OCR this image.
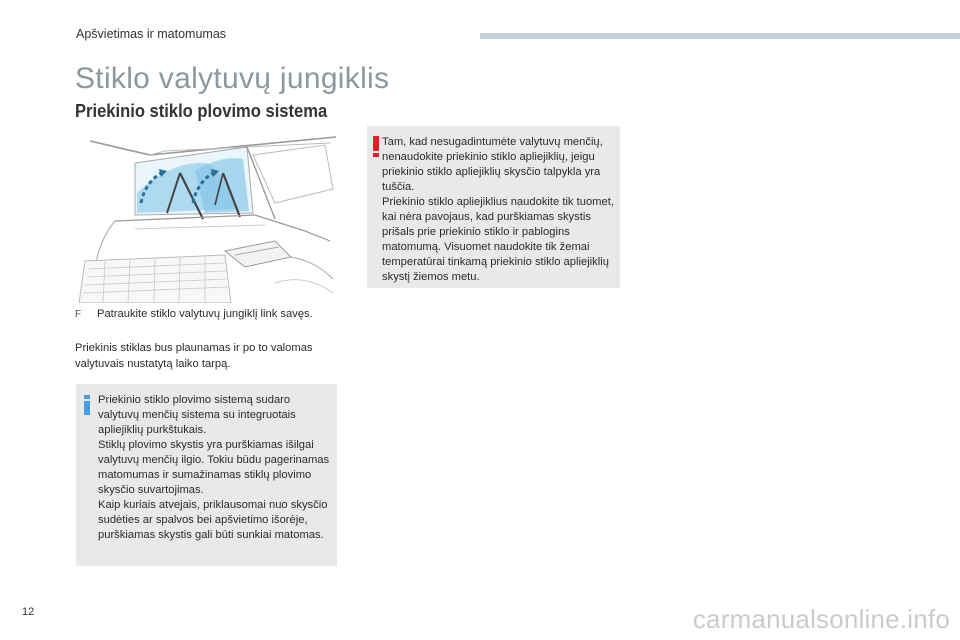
Apšvietimas ir matomumas
Stiklo valytuvų jungiklis
Priekinio stiklo plovimo sistema
F	Patraukite stiklo valytuvų jungiklį link savęs.
Priekinis stiklas bus plaunamas ir po to valomas valytuvais nustatytą laiko tarpą.
Priekinio stiklo plovimo sistemą sudaro valytuvų menčių sistema su integruotais apliejiklių purkštukais.
Stiklų plovimo skystis yra purškiamas išilgai valytuvų menčių ilgio. Tokiu būdu pagerinamas matomumas ir sumažinamas stiklų plovimo skysčio suvartojimas.
Kaip kuriais atvejais, priklausomai nuo skysčio sudėties ar spalvos bei apšvietimo išorėje, purškiamas skystis gali būti sunkiai matomas.
Tam, kad nesugadintumėte valytuvų menčių, nenaudokite priekinio stiklo apliejiklių, jeigu priekinio stiklo apliejiklių skysčio talpykla yra tuščia.
Priekinio stiklo apliejiklius naudokite tik tuomet, kai nėra pavojaus, kad purškiamas skystis prišals prie priekinio stiklo ir pablogins matomumą. Visuomet naudokite tik žemai temperatūrai tinkamą priekinio stiklo apliejiklių skystį žiemos metu.
12	carmanualsonline.info
